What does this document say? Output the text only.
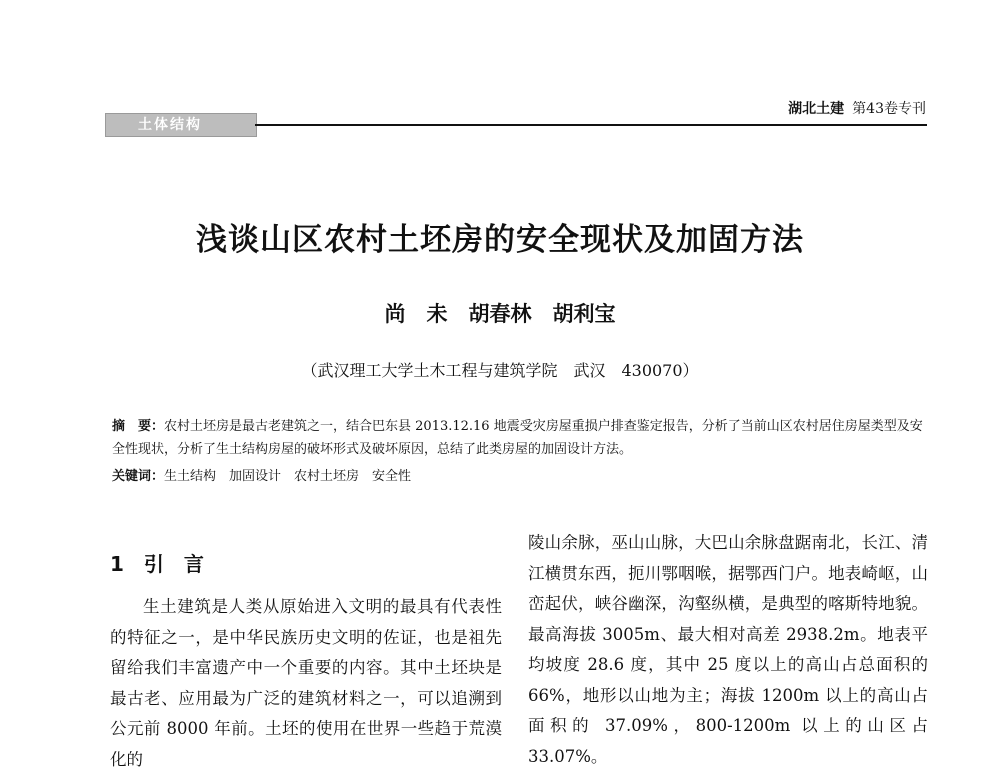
土体结构
湖北土建 第43卷专刊
浅谈山区农村土坯房的安全现状及加固方法
尚　未　胡春林　胡利宝
（武汉理工大学土木工程与建筑学院　武汉　430070）
摘　要：农村土坯房是最古老建筑之一，结合巴东县 2013.12.16 地震受灾房屋重损户排查鉴定报告，分析了当前山区农村居住房屋类型及安全性现状，分析了生土结构房屋的破坏形式及破坏原因，总结了此类房屋的加固设计方法。
关键词：生土结构　加固设计　农村土坯房　安全性
1　引　言
生土建筑是人类从原始进入文明的最具有代表性的特征之一，是中华民族历史文明的佐证，也是祖先留给我们丰富遗产中一个重要的内容。其中土坯块是最古老、应用最为广泛的建筑材料之一，可以追溯到公元前 8000 年前。土坯的使用在世界一些趋于荒漠化的
陵山余脉，巫山山脉，大巴山余脉盘踞南北，长江、清江横贯东西，扼川鄂咽喉，据鄂西门户。地表崎岖，山峦起伏，峡谷幽深，沟壑纵横，是典型的喀斯特地貌。最高海拔 3005m、最大相对高差 2938.2m。地表平均坡度 28.6 度，其中 25 度以上的高山占总面积的 66%，地形以山地为主；海拔 1200m 以上的高山占面积的 37.09%，800-1200m 以上的山区占 33.07%。
